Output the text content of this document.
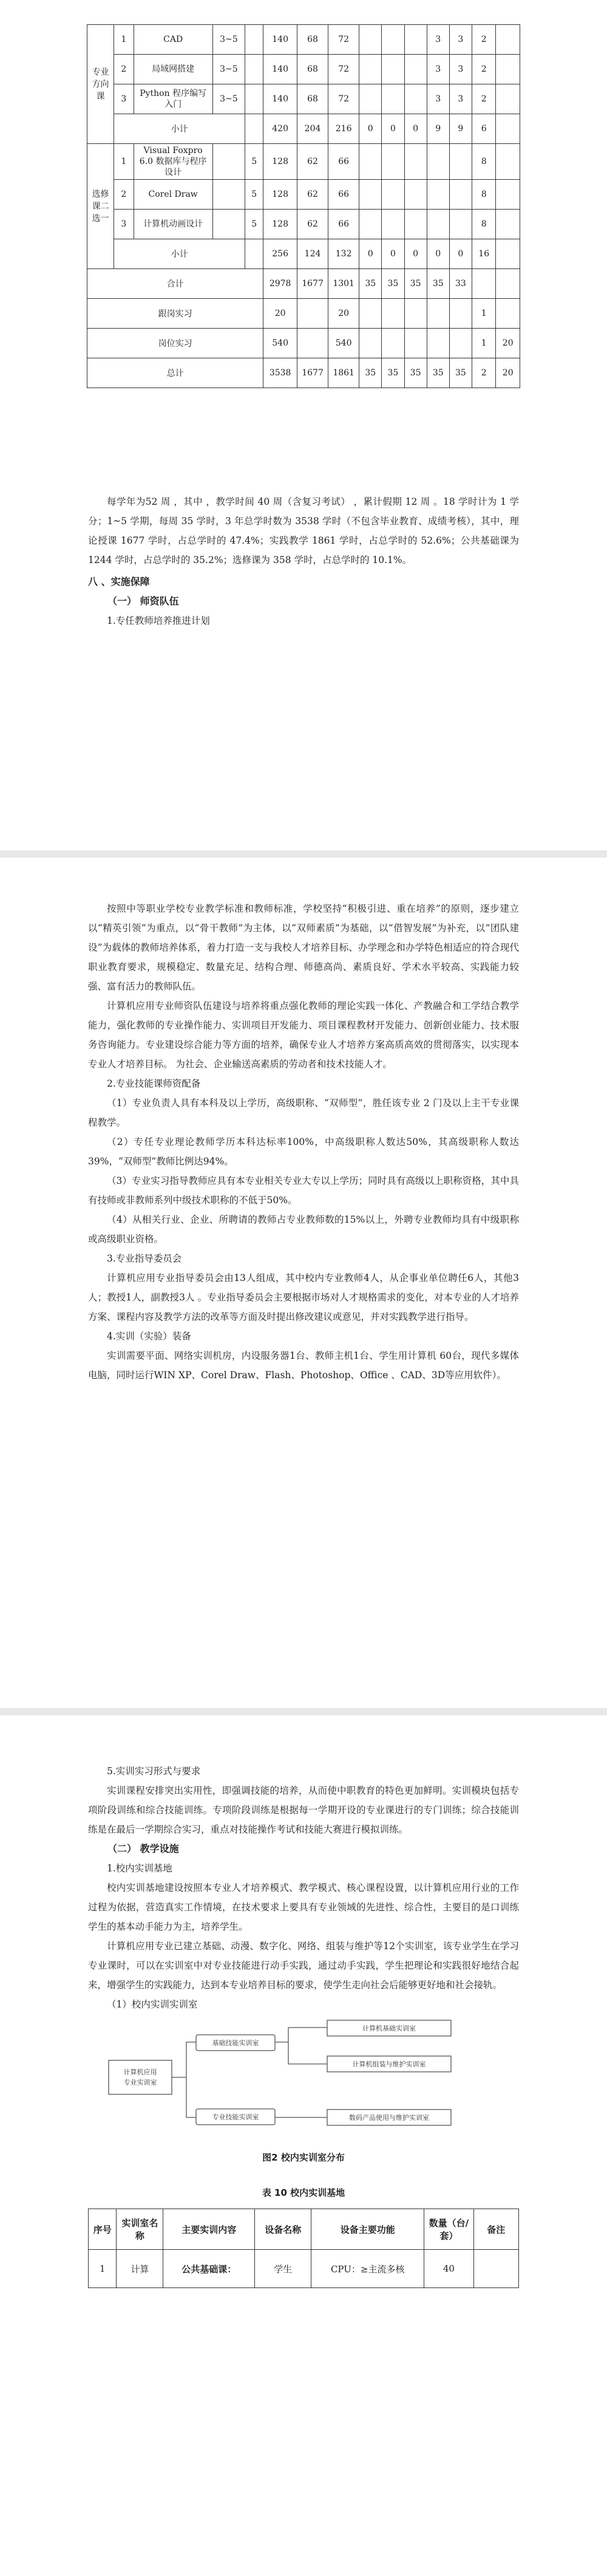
专业方向课	1	CAD	3~5		140	68	72				3	3	2	
	2	局域网搭建	3~5		140	68	72				3	3	2	
	3	Python 程序编写入门	3~5		140	68	72				3	3	2	
	小计				420	204	216	0	0	0	9	9	6	
选修课二选一	1	Visual Foxpro 6.0 数据库与程序设计		5	128	62	66						8	
	2	Corel Draw		5	128	62	66						8	
	3	计算机动画设计		5	128	62	66						8	
	小计				256	124	132	0	0	0	0	0	16	
合计					2978	1677	1301	35	35	35	35	33		
跟岗实习					20		20						1	
岗位实习					540		540						1	20
总计					3538	1677	1861	35	35	35	35	35	2	20

每学年为52 周 ，其中 ，教学时间 40 周（含复习考试） ，累计假期 12 周 。18 学时计为 1 学分；1~5 学期，每周 35 学时，3 年总学时数为 3538 学时（不包含毕业教育、成绩考核），其中，理论授课 1677 学时，占总学时的 47.4%；实践教学 1861 学时，占总学时的 52.6%；公共基础课为 1244 学时，占总学时的 35.2%；选修课为 358 学时，占总学时的 10.1%。

八 、实施保障

（一） 师资队伍

1.专任教师培养推进计划

按照中等职业学校专业教学标准和教师标准，学校坚持“积极引进、重在培养”的原则，逐步建立以“精英引领”为重点，以“骨干教师”为主体，以“双师素质”为基础，以“借智发展”为补充，以“团队建设”为载体的教师培养体系，着力打造一支与我校人才培养目标、办学理念和办学特色相适应的符合现代职业教育要求，规模稳定、数量充足、结构合理、师德高尚、素质良好、学术水平较高、实践能力较强、富有活力的教师队伍。

计算机应用专业师资队伍建设与培养将重点强化教师的理论实践一体化、产教融合和工学结合教学能力，强化教师的专业操作能力、实训项目开发能力、项目课程教材开发能力、创新创业能力、技术服务咨询能力。专业建设综合能力等方面的培养，确保专业人才培养方案高质高效的贯彻落实，以实现本专业人才培养目标。 为社会、企业输送高素质的劳动者和技术技能人才。

2.专业技能课师资配备

（1）专业负责人具有本科及以上学历，高级职称、“双师型”，胜任该专业 2 门及以上主干专业课程教学。

（2）专任专业理论教师学历本科达标率100%，中高级职称人数达50%，其高级职称人数达39%，“双师型”教师比例达94%。

（3）专业实习指导教师应具有本专业相关专业大专以上学历；同时具有高级以上职称资格，其中具有技师或非教师系列中级技术职称的不低于50%。

（4）从相关行业、企业、所聘请的教师占专业教师数的15%以上，外聘专业教师均具有中级职称或高级职业资格。

3.专业指导委员会

计算机应用专业指导委员会由13人组成，其中校内专业教师4人，从企事业单位聘任6人，其他3人；教授1人，副教授3人 。专业指导委员会主要根据市场对人才规格需求的变化，对本专业的人才培养方案、课程内容及教学方法的改革等方面及时提出修改建议或意见，并对实践教学进行指导。

4.实训（实验）装备

实训需要平面、网络实训机房，内设服务器1台、教师主机1台、学生用计算机 60台，现代多媒体电脑，同时运行WIN XP、Corel Draw、Flash、Photoshop、Office 、CAD、3D等应用软件）。

5.实训实习形式与要求

实训课程安排突出实用性，即强调技能的培养，从而使中职教育的特色更加鲜明。实训模块包括专项阶段训练和综合技能训练。专项阶段训练是根据每一学期开设的专业课进行的专门训练；综合技能训练是在最后一学期综合实习，重点对技能操作考试和技能大赛进行模拟训练。

（二） 教学设施

1.校内实训基地

校内实训基地建设按照本专业人才培养模式、教学模式、核心课程设置，以计算机应用行业的工作过程为依据，营造真实工作情境，在技术要求上要具有专业领域的先进性、综合性，主要目的是口训练学生的基本动手能力为主，培养学生。

计算机应用专业已建立基础、动漫、数字化、网络、组装与维护等12个实训室，该专业学生在学习专业课时，可以在实训室中对专业技能进行动手实践，通过动手实践，学生把理论和实践很好地结合起来，增强学生的实践能力，达到本专业培养目标的要求，使学生走向社会后能够更好地和社会接轨。

（1）校内实训实训室

计算机应用
专业实训室
基础技能实训室
专业技能实训室
计算机基础实训室
计算机组装与维护实训室
数码产品使用与维护实训室

图2 校内实训室分布

表 10 校内实训基地

序号	实训室名称	主要实训内容	设备名称	设备主要功能	数量（台/套）	备注
1	计算	公共基础课：	学生	CPU：≥主流多核	40	
